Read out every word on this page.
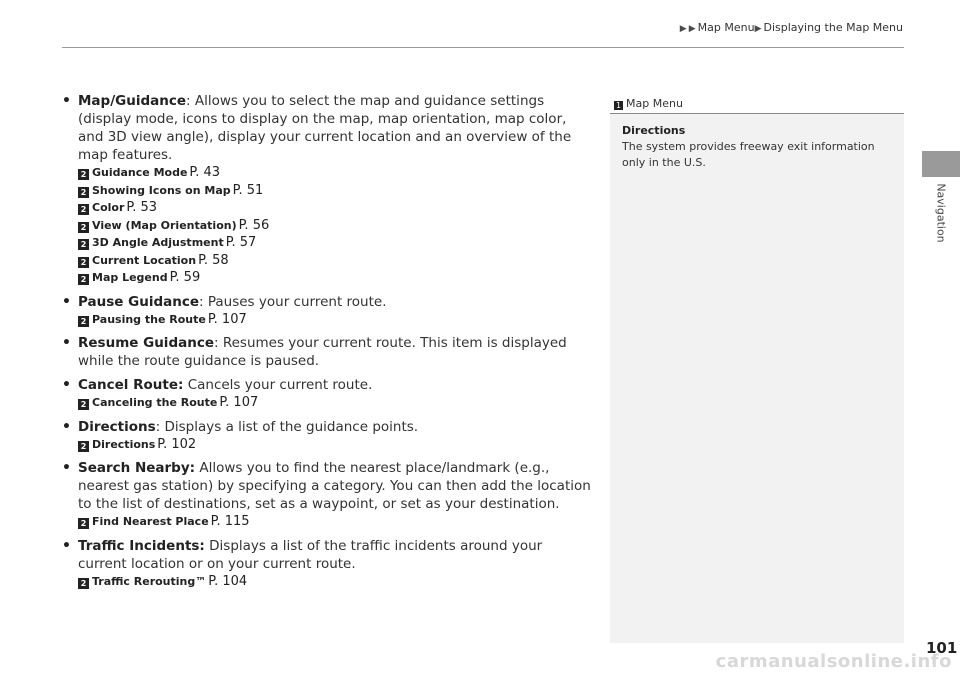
▶ ▶ Map Menu▶ Displaying the Map Menu
Navigation
• Map/Guidance: Allows you to select the map and guidance settings (display mode, icons to display on the map, map orientation, map color, and 3D view angle), display your current location and an overview of the map features.
2 Guidance Mode P. 43
2 Showing Icons on Map P. 51
2 Color P. 53
2 View (Map Orientation) P. 56
2 3D Angle Adjustment P. 57
2 Current Location P. 58
2 Map Legend P. 59
• Pause Guidance: Pauses your current route.
2 Pausing the Route P. 107
• Resume Guidance: Resumes your current route. This item is displayed while the route guidance is paused.
• Cancel Route: Cancels your current route.
2 Canceling the Route P. 107
• Directions: Displays a list of the guidance points.
2 Directions P. 102
• Search Nearby: Allows you to find the nearest place/landmark (e.g., nearest gas station) by specifying a category. You can then add the location to the list of destinations, set as a waypoint, or set as your destination.
2 Find Nearest Place P. 115
• Traffic Incidents: Displays a list of the traffic incidents around your current location or on your current route.
2 Traffic Rerouting™ P. 104
1 Map Menu
Directions
The system provides freeway exit information only in the U.S.
101
carmanualsonline.info
